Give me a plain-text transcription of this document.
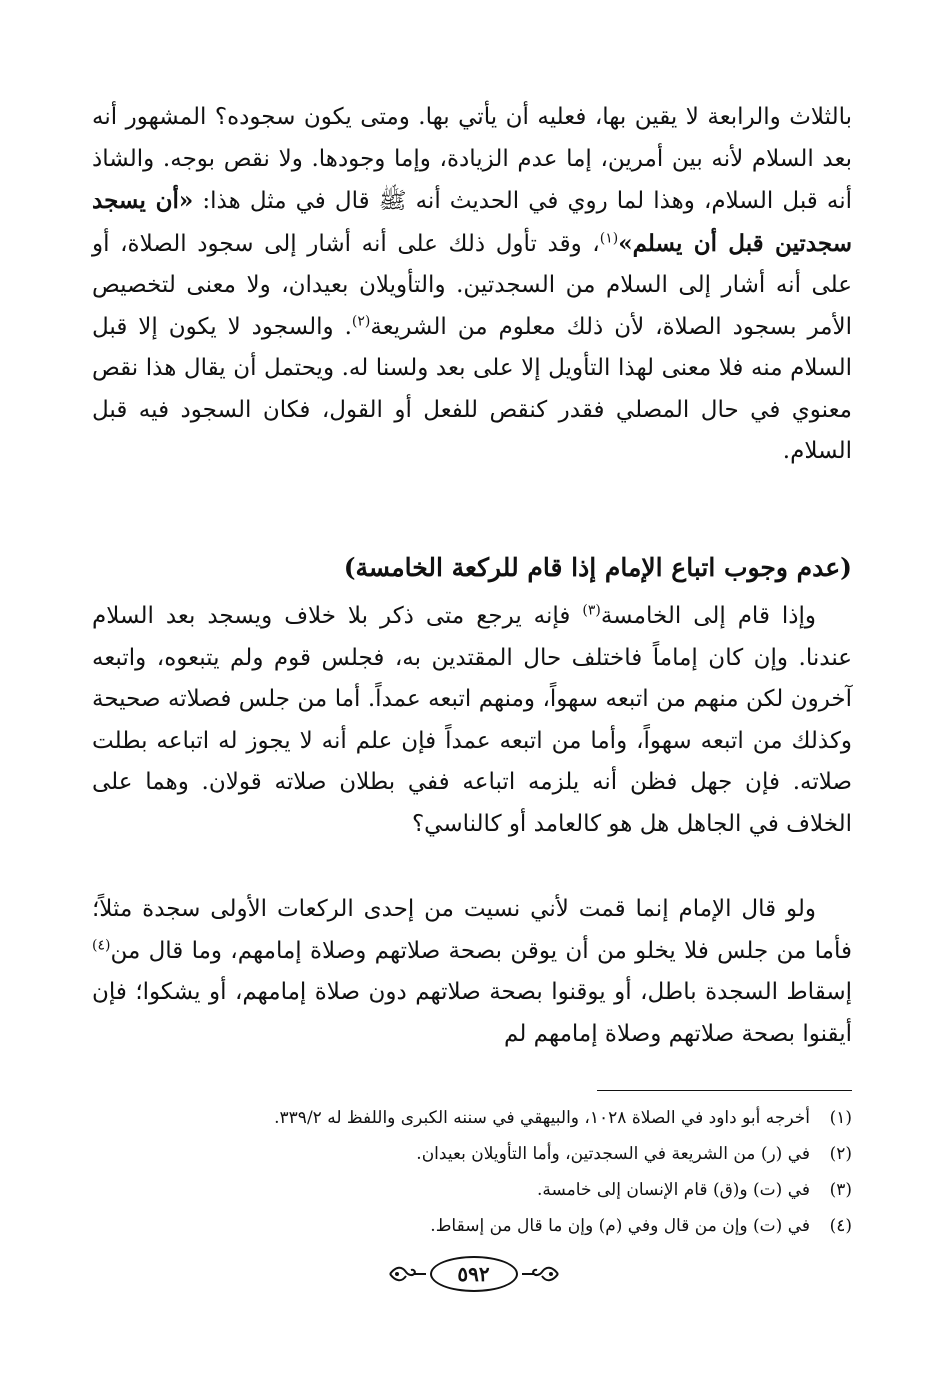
بالثلاث والرابعة لا يقين بها، فعليه أن يأتي بها. ومتى يكون سجوده؟ المشهور أنه بعد السلام لأنه بين أمرين، إما عدم الزيادة، وإما وجودها. ولا نقص بوجه. والشاذ أنه قبل السلام، وهذا لما روي في الحديث أنه ﷺ قال في مثل هذا: «أن يسجد سجدتين قبل أن يسلم»$^{(١)}$، وقد تأول ذلك على أنه أشار إلى سجود الصلاة، أو على أنه أشار إلى السلام من السجدتين. والتأويلان بعيدان، ولا معنى لتخصيص الأمر بسجود الصلاة، لأن ذلك معلوم من الشريعة$^{(٢)}$. والسجود لا يكون إلا قبل السلام منه فلا معنى لهذا التأويل إلا على بعد ولسنا له. ويحتمل أن يقال هذا نقص معنوي في حال المصلي فقدر كنقص للفعل أو القول، فكان السجود فيه قبل السلام.

(عدم وجوب اتباع الإمام إذا قام للركعة الخامسة)

وإذا قام إلى الخامسة$^{(٣)}$ فإنه يرجع متى ذكر بلا خلاف ويسجد بعد السلام عندنا. وإن كان إماماً فاختلف حال المقتدين به، فجلس قوم ولم يتبعوه، واتبعه آخرون لكن منهم من اتبعه سهواً، ومنهم اتبعه عمداً. أما من جلس فصلاته صحيحة وكذلك من اتبعه سهواً، وأما من اتبعه عمداً فإن علم أنه لا يجوز له اتباعه بطلت صلاته. فإن جهل فظن أنه يلزمه اتباعه ففي بطلان صلاته قولان. وهما على الخلاف في الجاهل هل هو كالعامد أو كالناسي؟

ولو قال الإمام إنما قمت لأني نسيت من إحدى الركعات الأولى سجدة مثلاً؛ فأما من جلس فلا يخلو من أن يوقن بصحة صلاتهم وصلاة إمامهم، وما قال من$^{(٤)}$ إسقاط السجدة باطل، أو يوقنوا بصحة صلاتهم دون صلاة إمامهم، أو يشكوا؛ فإن أيقنوا بصحة صلاتهم وصلاة إمامهم لم

(١)
أخرجه أبو داود في الصلاة ١٠٢٨، والبيهقي في سننه الكبرى واللفظ له ٣٣٩/٢.
(٢)
في (ر) من الشريعة في السجدتين، وأما التأويلان بعيدان.
(٣)
في (ت) و(ق) قام الإنسان إلى خامسة.
(٤)
في (ت) وإن من قال وفي (م) وإن ما قال من إسقاط.
٥٩٢
